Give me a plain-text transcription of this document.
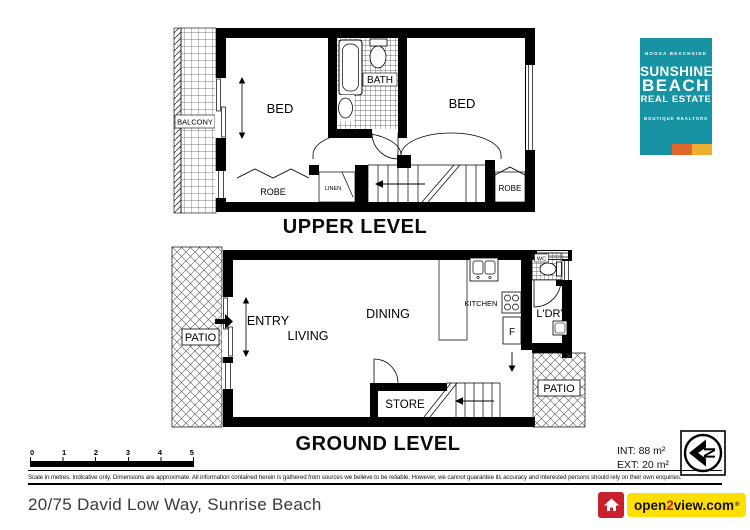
BALCONY
BATH
BED	BED
ROBE	LINEN	ROBE
UPPER LEVEL
PATIO
ENTRY
LIVING
DINING
KITCHEN
F
WC
L'DRY
PATIO
STORE
GROUND LEVEL
NOOSA BEACHSIDE
SUNSHINE
BEACH
REAL ESTATE
BOUTIQUE REALTORS
0	1	2	3	4	5	INT: 88 m²
EXT: 20 m²
N
Scale in metres. Indicative only. Dimensions are approximate. All information contained herein is gathered from sources we believe to be reliable. However, we cannot guarantee its accuracy and interested persons should rely on their own enquiries.
20/75 David Low Way, Sunrise Beach	open 2 view.com ®
